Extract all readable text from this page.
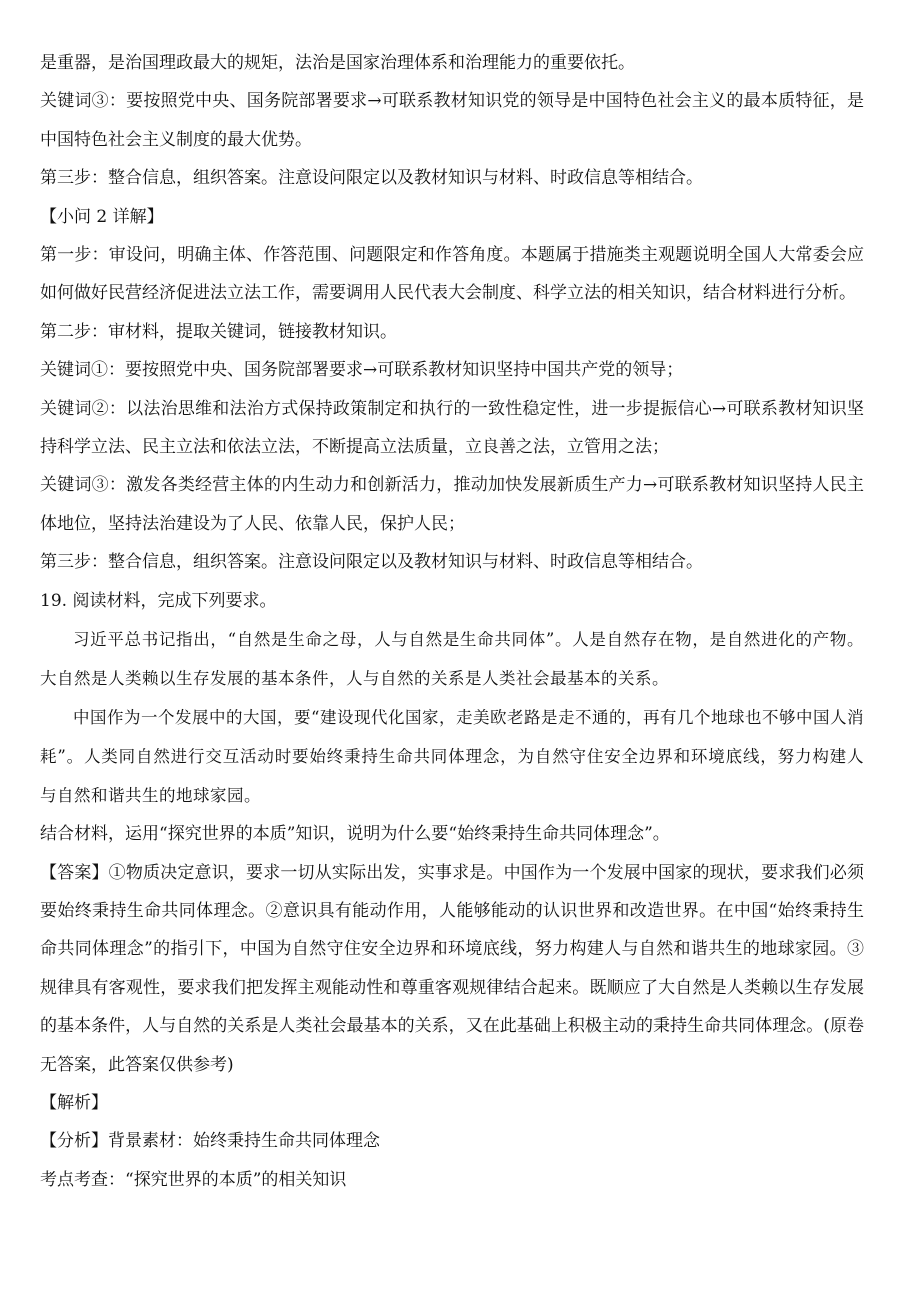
是重器，是治国理政最大的规矩，法治是国家治理体系和治理能力的重要依托。

关键词③：要按照党中央、国务院部署要求→可联系教材知识党的领导是中国特色社会主义的最本质特征，是中国特色社会主义制度的最大优势。

第三步：整合信息，组织答案。注意设问限定以及教材知识与材料、时政信息等相结合。

【小问 2 详解】

第一步：审设问，明确主体、作答范围、问题限定和作答角度。本题属于措施类主观题说明全国人大常委会应如何做好民营经济促进法立法工作，需要调用人民代表大会制度、科学立法的相关知识，结合材料进行分析。

第二步：审材料，提取关键词，链接教材知识。

关键词①：要按照党中央、国务院部署要求→可联系教材知识坚持中国共产党的领导；

关键词②：以法治思维和法治方式保持政策制定和执行的一致性稳定性，进一步提振信心→可联系教材知识坚持科学立法、民主立法和依法立法，不断提高立法质量，立良善之法，立管用之法；

关键词③：激发各类经营主体的内生动力和创新活力，推动加快发展新质生产力→可联系教材知识坚持人民主体地位，坚持法治建设为了人民、依靠人民，保护人民；

第三步：整合信息，组织答案。注意设问限定以及教材知识与材料、时政信息等相结合。

19. 阅读材料，完成下列要求。

习近平总书记指出，“自然是生命之母，人与自然是生命共同体”。人是自然存在物，是自然进化的产物。大自然是人类赖以生存发展的基本条件，人与自然的关系是人类社会最基本的关系。

中国作为一个发展中的大国，要“建设现代化国家，走美欧老路是走不通的，再有几个地球也不够中国人消耗”。人类同自然进行交互活动时要始终秉持生命共同体理念，为自然守住安全边界和环境底线，努力构建人与自然和谐共生的地球家园。

结合材料，运用“探究世界的本质”知识，说明为什么要“始终秉持生命共同体理念”。

【答案】①物质决定意识，要求一切从实际出发，实事求是。中国作为一个发展中国家的现状，要求我们必须要始终秉持生命共同体理念。②意识具有能动作用，人能够能动的认识世界和改造世界。在中国“始终秉持生命共同体理念”的指引下，中国为自然守住安全边界和环境底线，努力构建人与自然和谐共生的地球家园。③规律具有客观性，要求我们把发挥主观能动性和尊重客观规律结合起来。既顺应了大自然是人类赖以生存发展的基本条件，人与自然的关系是人类社会最基本的关系，又在此基础上积极主动的秉持生命共同体理念。(原卷无答案，此答案仅供参考)

【解析】

【分析】背景素材：始终秉持生命共同体理念

考点考查：“探究世界的本质”的相关知识
